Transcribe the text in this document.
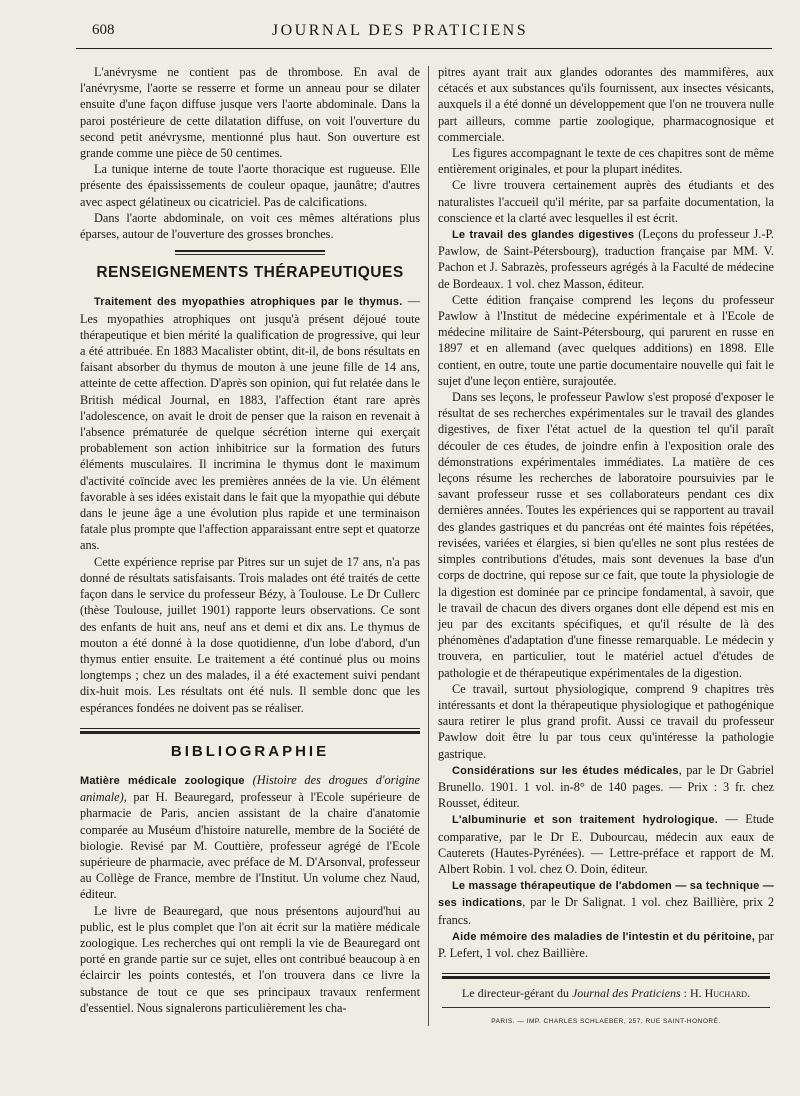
608	JOURNAL DES PRATICIENS

L'anévrysme ne contient pas de thrombose. En aval de l'anévrysme, l'aorte se resserre et forme un anneau pour se dilater ensuite d'une façon diffuse jusque vers l'aorte abdominale. Dans la paroi postérieure de cette dilatation diffuse, on voit l'ouverture du second petit anévrysme, mentionné plus haut. Son ouverture est grande comme une pièce de 50 centimes.

La tunique interne de toute l'aorte thoracique est rugueuse. Elle présente des épaississements de couleur opaque, jaunâtre; d'autres avec aspect gélatineux ou cicatriciel. Pas de calcifications.

Dans l'aorte abdominale, on voit ces mêmes altérations plus éparses, autour de l'ouverture des grosses bronches.

RENSEIGNEMENTS THÉRAPEUTIQUES

Traitement des myopathies atrophiques par le thymus. — Les myopathies atrophiques ont jusqu'à présent déjoué toute thérapeutique et bien mérité la qualification de progressive, qui leur a été attribuée. En 1883 Macalister obtint, dit-il, de bons résultats en faisant absorber du thymus de mouton à une jeune fille de 14 ans, atteinte de cette affection. D'après son opinion, qui fut relatée dans le British médical Journal, en 1883, l'affection étant rare après l'adolescence, on avait le droit de penser que la raison en revenait à l'absence prématurée de quelque sécrétion interne qui exerçait probablement son action inhibitrice sur la formation des futurs éléments musculaires. Il incrimina le thymus dont le maximum d'activité coïncide avec les premières années de la vie. Un élément favorable à ses idées existait dans le fait que la myopathie qui débute dans le jeune âge a une évolution plus rapide et une terminaison fatale plus prompte que l'affection apparaissant entre sept et quatorze ans.

Cette expérience reprise par Pitres sur un sujet de 17 ans, n'a pas donné de résultats satisfaisants. Trois malades ont été traités de cette façon dans le service du professeur Bézy, à Toulouse. Le Dr Cullerc (thèse Toulouse, juillet 1901) rapporte leurs observations. Ce sont des enfants de huit ans, neuf ans et demi et dix ans. Le thymus de mouton a été donné à la dose quotidienne, d'un lobe d'abord, d'un thymus entier ensuite. Le traitement a été continué plus ou moins longtemps ; chez un des malades, il a été exactement suivi pendant dix-huit mois. Les résultats ont été nuls. Il semble donc que les espérances fondées ne doivent pas se réaliser.

BIBLIOGRAPHIE

Matière médicale zoologique (Histoire des drogues d'origine animale), par H. Beauregard, professeur à l'Ecole supérieure de pharmacie de Paris, ancien assistant de la chaire d'anatomie comparée au Muséum d'histoire naturelle, membre de la Société de biologie. Revisé par M. Couttière, professeur agrégé de l'Ecole supérieure de pharmacie, avec préface de M. D'Arsonval, professeur au Collège de France, membre de l'Institut. Un volume chez Naud, éditeur.

Le livre de Beauregard, que nous présentons aujourd'hui au public, est le plus complet que l'on ait écrit sur la matière médicale zoologique. Les recherches qui ont rempli la vie de Beauregard ont porté en grande partie sur ce sujet, elles ont contribué beaucoup à en éclaircir les points contestés, et l'on trouvera dans ce livre la substance de tout ce que ses principaux travaux renferment d'essentiel. Nous signalerons particulièrement les cha-

pitres ayant trait aux glandes odorantes des mammifères, aux cétacés et aux substances qu'ils fournissent, aux insectes vésicants, auxquels il a été donné un développement que l'on ne trouvera nulle part ailleurs, comme partie zoologique, pharmacognosique et commerciale.

Les figures accompagnant le texte de ces chapitres sont de même entièrement originales, et pour la plupart inédites.

Ce livre trouvera certainement auprès des étudiants et des naturalistes l'accueil qu'il mérite, par sa parfaite documentation, la conscience et la clarté avec lesquelles il est écrit.

Le travail des glandes digestives (Leçons du professeur J.-P. Pawlow, de Saint-Pétersbourg), traduction française par MM. V. Pachon et J. Sabrazès, professeurs agrégés à la Faculté de médecine de Bordeaux. 1 vol. chez Masson, éditeur.

Cette édition française comprend les leçons du professeur Pawlow à l'Institut de médecine expérimentale et à l'Ecole de médecine militaire de Saint-Pétersbourg, qui parurent en russe en 1897 et en allemand (avec quelques additions) en 1898. Elle contient, en outre, toute une partie documentaire nouvelle qui fait le sujet d'une leçon entière, surajoutée.

Dans ses leçons, le professeur Pawlow s'est proposé d'exposer le résultat de ses recherches expérimentales sur le travail des glandes digestives, de fixer l'état actuel de la question tel qu'il paraît découler de ces études, de joindre enfin à l'exposition orale des démonstrations expérimentales immédiates. La matière de ces leçons résume les recherches de laboratoire poursuivies par le savant professeur russe et ses collaborateurs pendant ces dix dernières années. Toutes les expériences qui se rapportent au travail des glandes gastriques et du pancréas ont été maintes fois répétées, revisées, variées et élargies, si bien qu'elles ne sont plus restées de simples contributions d'études, mais sont devenues la base d'un corps de doctrine, qui repose sur ce fait, que toute la physiologie de la digestion est dominée par ce principe fondamental, à savoir, que le travail de chacun des divers organes dont elle dépend est mis en jeu par des excitants spécifiques, et qu'il résulte de là des phénomènes d'adaptation d'une finesse remarquable. Le médecin y trouvera, en particulier, tout le matériel actuel d'études de pathologie et de thérapeutique expérimentales de la digestion.

Ce travail, surtout physiologique, comprend 9 chapitres très intéressants et dont la thérapeutique physiologique et pathogénique saura retirer le plus grand profit. Aussi ce travail du professeur Pawlow doit être lu par tous ceux qu'intéresse la pathologie gastrique.

Considérations sur les études médicales, par le Dr Gabriel Brunello. 1901. 1 vol. in-8° de 140 pages. — Prix : 3 fr. chez Rousset, éditeur.

L'albuminurie et son traitement hydrologique. — Etude comparative, par le Dr E. Dubourcau, médecin aux eaux de Cauterets (Hautes-Pyrénées). — Lettre-préface et rapport de M. Albert Robin. 1 vol. chez O. Doin, éditeur.

Le massage thérapeutique de l'abdomen — sa technique — ses indications, par le Dr Salignat. 1 vol. chez Baillière, prix 2 francs.

Aide mémoire des maladies de l'intestin et du péritoine, par P. Lefert, 1 vol. chez Baillière.

Le directeur-gérant du Journal des Praticiens : H. Huchard.
PARIS. — IMP. CHARLES SCHLAEBER, 257, RUE SAINT-HONORÉ.
